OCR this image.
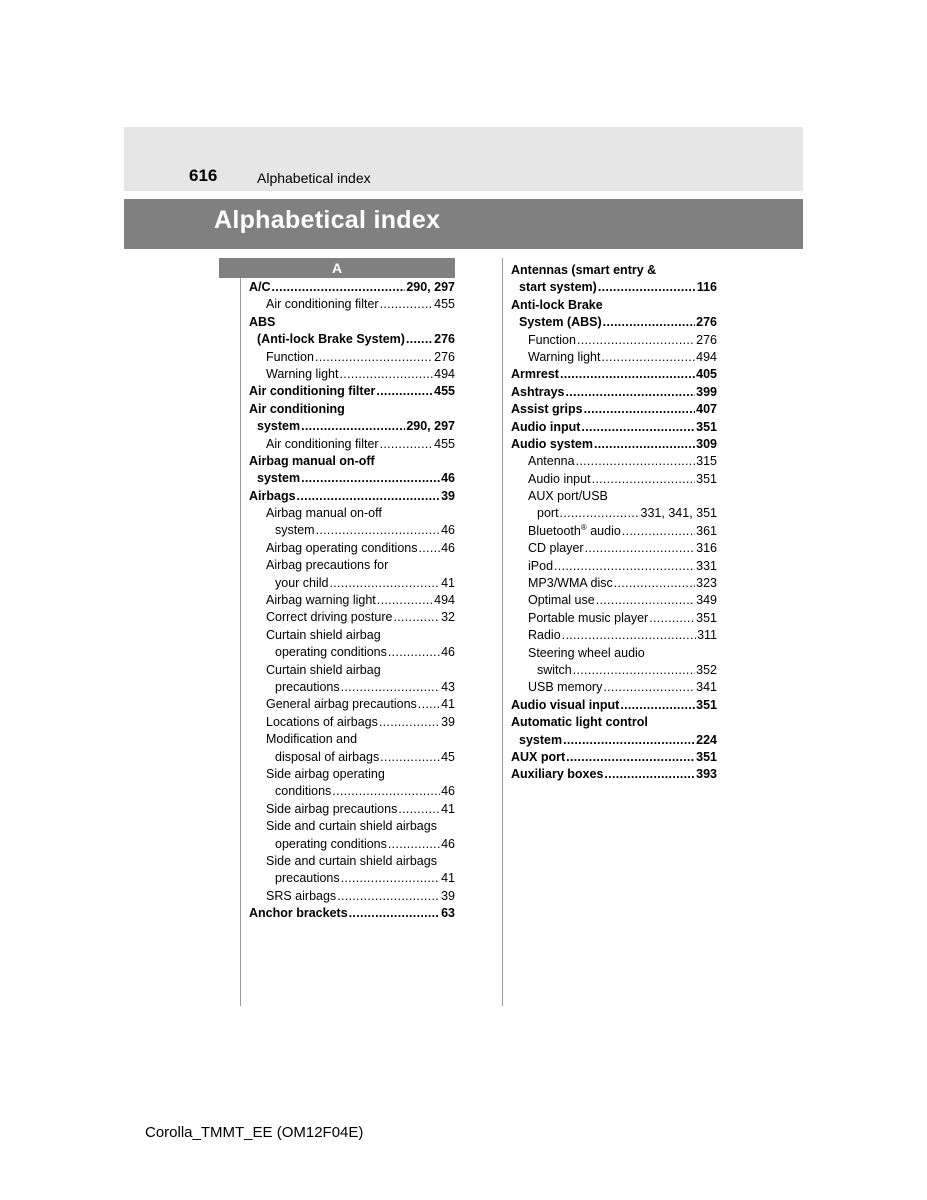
616	Alphabetical index
Alphabetical index
A
A/C .....	290, 297
Air conditioning filter .....	455
ABS
(Anti-lock Brake System) ..... 276
Function .....	276
Warning light .....	494
Air conditioning filter .....	455
Air conditioning
system .....	290, 297
Air conditioning filter .....	455
Airbag manual on-off
system .....	46
Airbags .....	39
Airbag manual on-off
system .....	46
Airbag operating conditions ..... 46
Airbag precautions for
your child .....	41
Airbag warning light .....	494
Correct driving posture .....	32
Curtain shield airbag
operating conditions .....	46
Curtain shield airbag
precautions .....	43
General airbag precautions ..... 41
Locations of airbags .....	39
Modification and
disposal of airbags .....	45
Side airbag operating
conditions .....	46
Side airbag precautions .....	41
Side and curtain shield airbags
operating conditions .....	46
Side and curtain shield airbags
precautions .....	41
SRS airbags .....	39
Anchor brackets .....	63
Antennas (smart entry &
start system) .....	116
Anti-lock Brake
System (ABS) .....	276
Function .....	276
Warning light .....	494
Armrest .....	405
Ashtrays .....	399
Assist grips .....	407
Audio input .....	351
Audio system .....	309
Antenna .....	315
Audio input .....	351
AUX port/USB
port .....	331, 341, 351
Bluetooth® audio .....	361
CD player .....	316
iPod .....	331
MP3/WMA disc .....	323
Optimal use .....	349
Portable music player .....	351
Radio .....	311
Steering wheel audio
switch .....	352
USB memory .....	341
Audio visual input .....	351
Automatic light control
system .....	224
AUX port .....	351
Auxiliary boxes .....	393
Corolla_TMMT_EE (OM12F04E)
